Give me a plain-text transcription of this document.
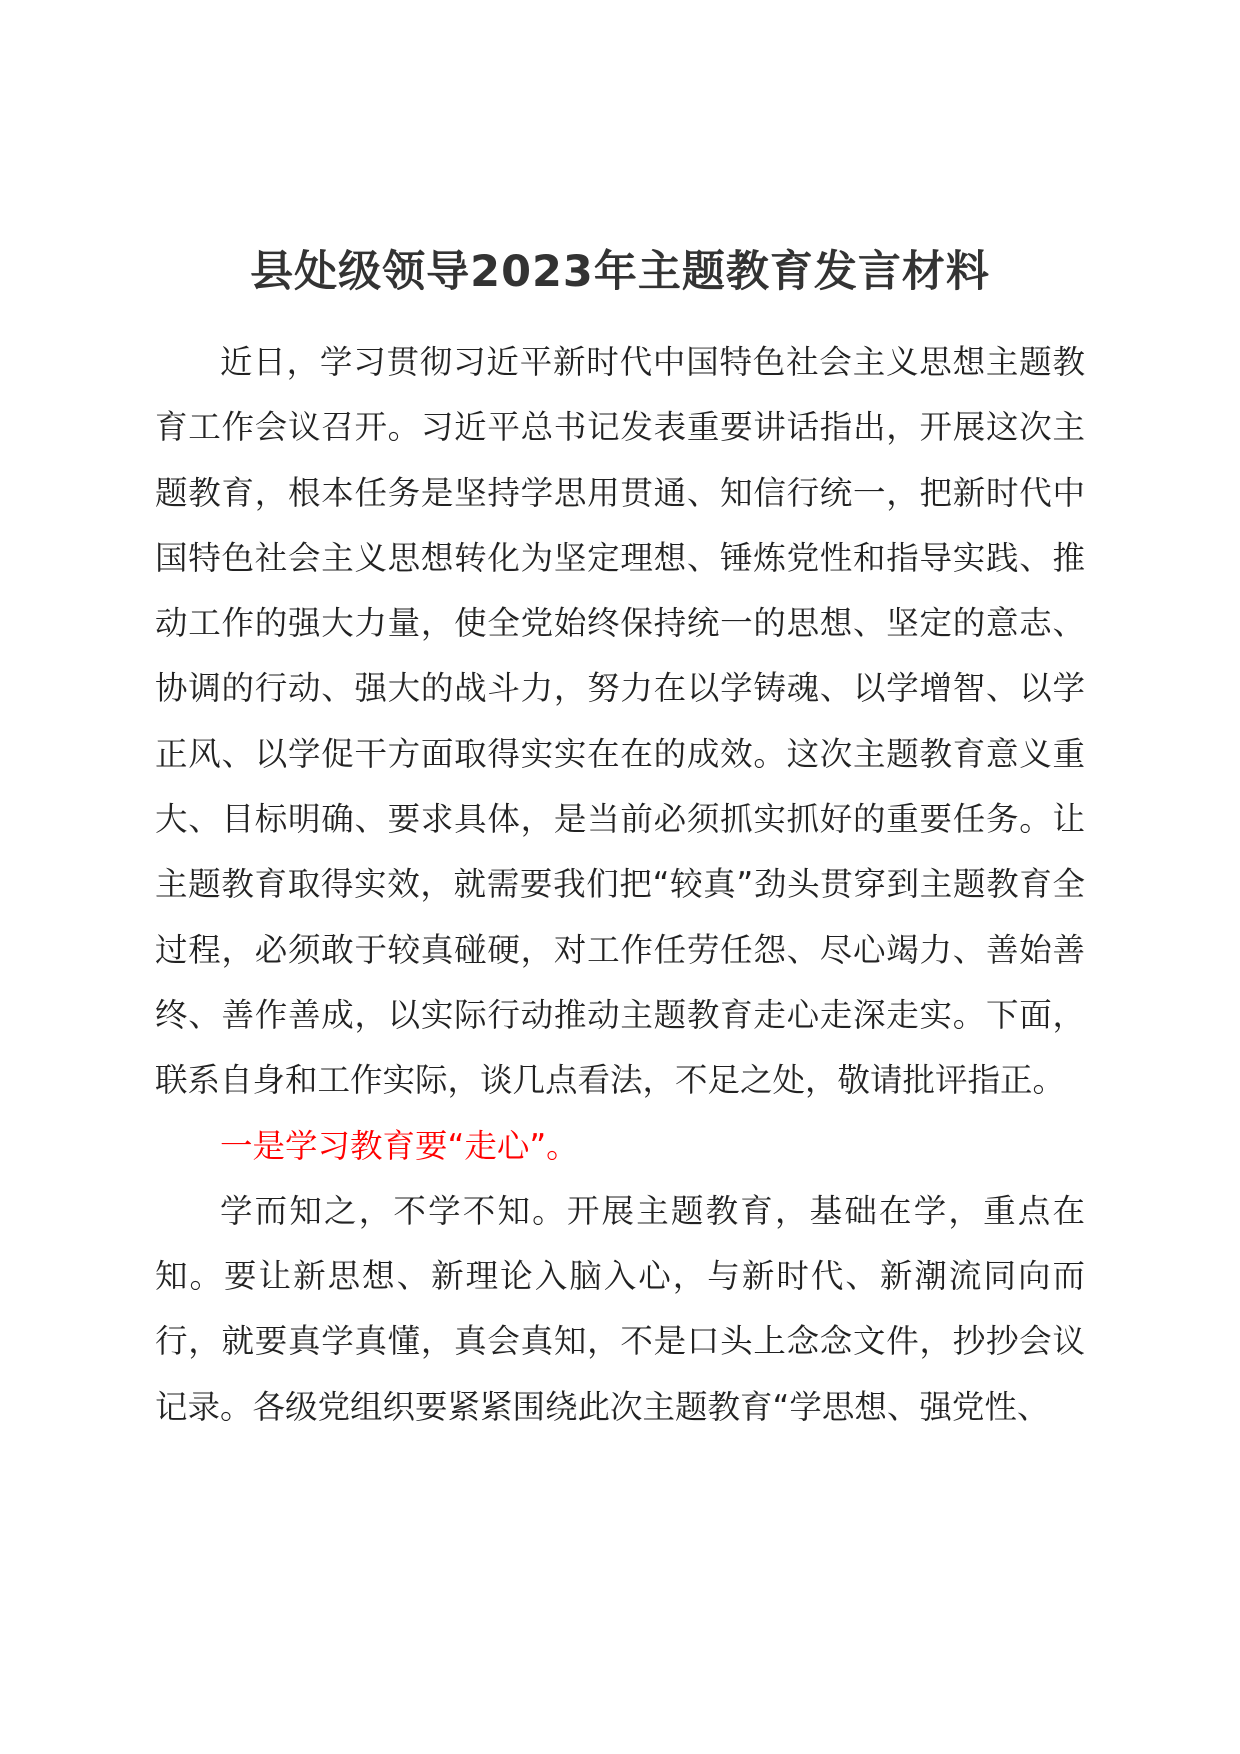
县处级领导2023年主题教育发言材料

近日，学习贯彻习近平新时代中国特色社会主义思想主题教育工作会议召开。习近平总书记发表重要讲话指出，开展这次主题教育，根本任务是坚持学思用贯通、知信行统一，把新时代中国特色社会主义思想转化为坚定理想、锤炼党性和指导实践、推动工作的强大力量，使全党始终保持统一的思想、坚定的意志、协调的行动、强大的战斗力，努力在以学铸魂、以学增智、以学正风、以学促干方面取得实实在在的成效。这次主题教育意义重大、目标明确、要求具体，是当前必须抓实抓好的重要任务。让主题教育取得实效，就需要我们把“较真”劲头贯穿到主题教育全过程，必须敢于较真碰硬，对工作任劳任怨、尽心竭力、善始善终、善作善成，以实际行动推动主题教育走心走深走实。下面，联系自身和工作实际，谈几点看法，不足之处，敬请批评指正。

一是学习教育要“走心”。

学而知之，不学不知。开展主题教育，基础在学，重点在知。要让新思想、新理论入脑入心，与新时代、新潮流同向而行，就要真学真懂，真会真知，不是口头上念念文件，抄抄会议记录。各级党组织要紧紧围绕此次主题教育“学思想、强党性、
